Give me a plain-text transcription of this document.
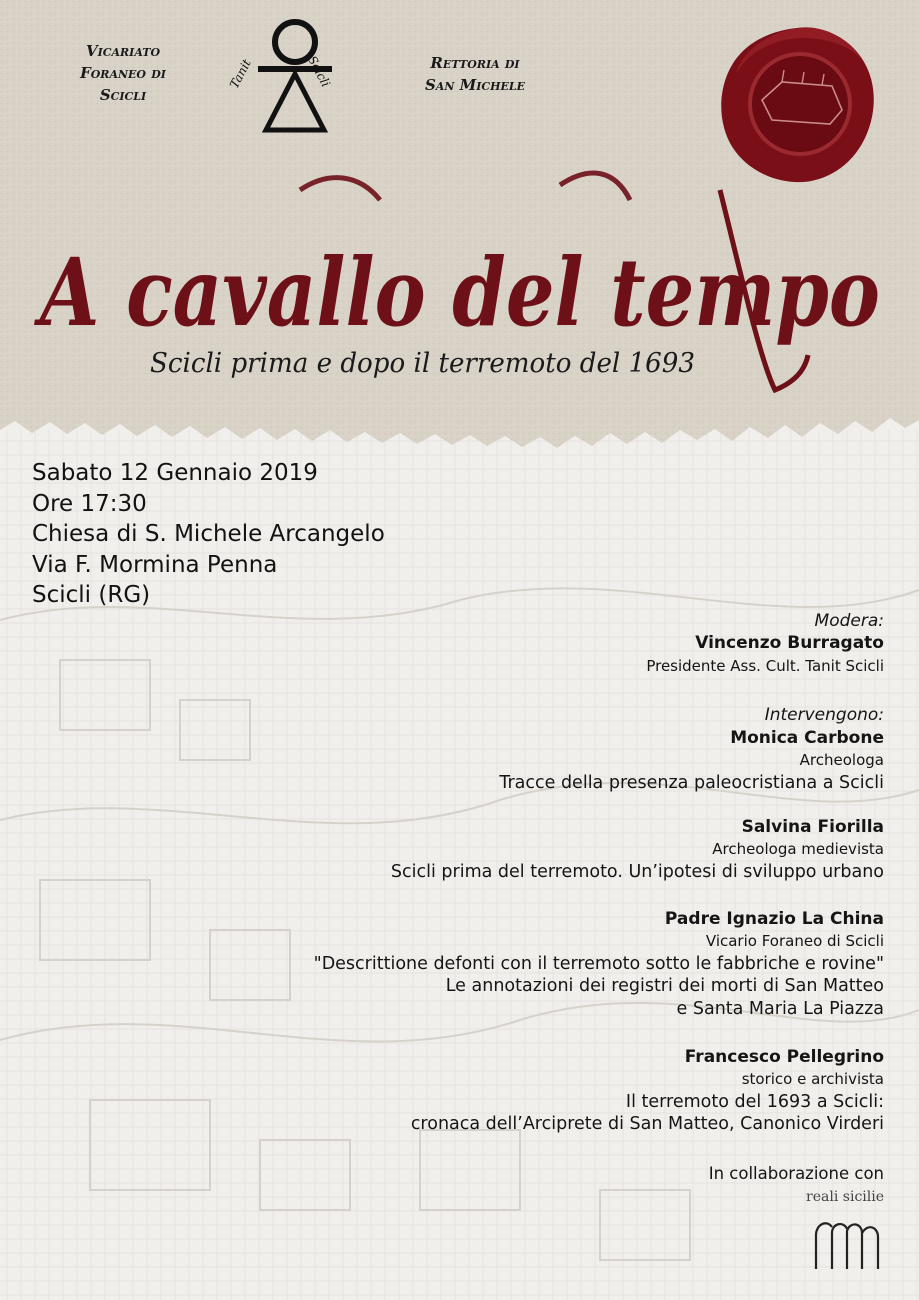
Vicariato
Foraneo di
Scicli
Tanit	Scicli	Rettoria di
San Michele
A cavallo del tempo
Scicli prima e dopo il terremoto del 1693
Sabato 12 Gennaio 2019
Ore 17:30
Chiesa di S. Michele Arcangelo
Via F. Mormina Penna
Scicli (RG)
Modera:
Vincenzo Burragato
Presidente Ass. Cult. Tanit Scicli
Intervengono:
Monica Carbone
Archeologa
Tracce della presenza paleocristiana a Scicli
Salvina Fiorilla
Archeologa medievista
Scicli prima del terremoto. Un’ipotesi di sviluppo urbano
Padre Ignazio La China
Vicario Foraneo di Scicli
"Descrittione defonti con il terremoto sotto le fabbriche e rovine"
Le annotazioni dei registri dei morti di San Matteo
e Santa Maria La Piazza
Francesco Pellegrino
storico e archivista
Il terremoto del 1693 a Scicli:
cronaca dell’Arciprete di San Matteo, Canonico Virderi
In collaborazione con
reali sicilie
